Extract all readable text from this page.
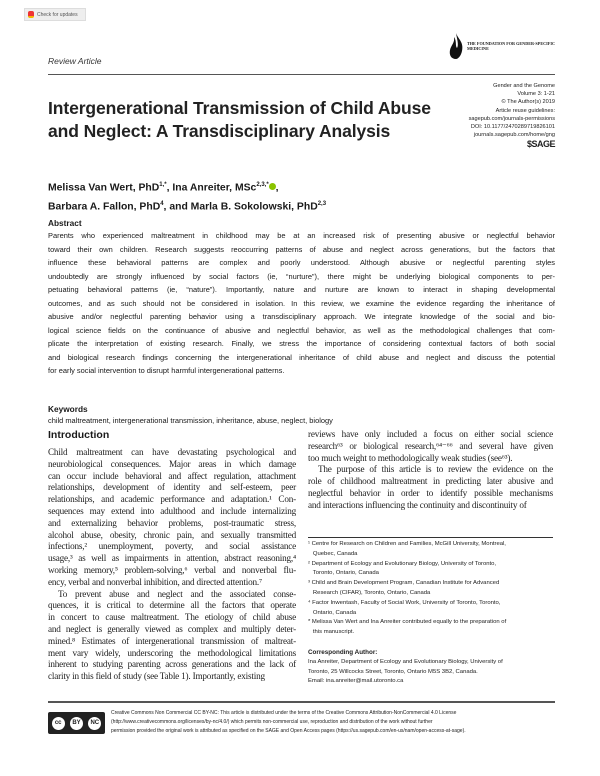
Check for updates
Review Article
THE FOUNDATION FOR GENDER-SPECIFIC MEDICINE
Gender and the Genome
Volume 3: 1-21
© The Author(s) 2019
Article reuse guidelines:
sagepub.com/journals-permissions
DOI: 10.1177/2470289719826101
journals.sagepub.com/home/gng
$SAGE
Intergenerational Transmission of Child Abuse
and Neglect: A Transdisciplinary Analysis
Melissa Van Wert, PhD$^{1,*}$, Ina Anreiter, MSc$^{2,3,*}$ ,
Barbara A. Fallon, PhD$^4$, and Marla B. Sokolowski, PhD$^{2,3}$
Abstract
Parents who experienced maltreatment in childhood may be at an increased risk of presenting abusive or neglectful behavior
toward their own children. Research suggests reoccurring patterns of abuse and neglect across generations, but the factors that
influence these behavioral patterns are complex and poorly understood. Although abusive or neglectful parenting styles
undoubtedly are strongly influenced by social factors (ie, “nurture”), there might be underlying biological components to per-
petuating behavioral patterns (ie, “nature”). Importantly, nature and nurture are known to interact in shaping developmental
outcomes, and as such should not be considered in isolation. In this review, we examine the evidence regarding the inheritance of
abusive and/or neglectful parenting behavior using a transdisciplinary approach. We integrate knowledge of the social and bio-
logical science fields on the continuance of abusive and neglectful behavior, as well as the methodological challenges that com-
plicate the interpretation of existing research. Finally, we stress the importance of considering contextual factors of both social
and biological research findings concerning the intergenerational inheritance of child abuse and neglect and discuss the potential
for early social intervention to disrupt harmful intergenerational patterns.
Keywords
child maltreatment, intergenerational transmission, inheritance, abuse, neglect, biology
Introduction
Child maltreatment can have devastating psychological and
neurobiological consequences. Major areas in which damage
can occur include behavioral and affect regulation, attachment
relationships, development of identity and self-esteem, peer
relationships, and academic performance and adaptation.¹ Con-
sequences may extend into adulthood and include internalizing
and externalizing behavior problems, post-traumatic stress,
alcohol abuse, obesity, chronic pain, and sexually transmitted
infections,² unemployment, poverty, and social assistance
usage,³ as well as impairments in attention, abstract reasoning,⁴
working memory,⁵ problem-solving,⁶ verbal and nonverbal flu-
ency, verbal and nonverbal inhibition, and directed attention.⁷
To prevent abuse and neglect and the associated conse-
quences, it is critical to determine all the factors that operate
in concert to cause maltreatment. The etiology of child abuse
and neglect is generally viewed as complex and multiply deter-
mined.⁸ Estimates of intergenerational transmission of maltreat-
ment vary widely, underscoring the methodological limitations
inherent to studying parenting across generations and the lack of
clarity in this field of study (see Table 1). Importantly, existing
reviews have only included a focus on either social science
research⁶³ or biological research,⁶⁴⁻⁶⁶ and several have given
too much weight to methodologically weak studies (see⁶³).
The purpose of this article is to review the evidence on the
role of childhood maltreatment in predicting later abusive and
neglectful behavior in order to identify possible mechanisms
and interactions influencing the continuity and discontinuity of
¹ Centre for Research on Children and Families, McGill University, Montreal,
Quebec, Canada
² Department of Ecology and Evolutionary Biology, University of Toronto,
Toronto, Ontario, Canada
³ Child and Brain Development Program, Canadian Institute for Advanced
Research (CIFAR), Toronto, Ontario, Canada
⁴ Factor Inwentash, Faculty of Social Work, University of Toronto, Toronto,
Ontario, Canada
* Melissa Van Wert and Ina Anreiter contributed equally to the preparation of
this manuscript.
Corresponding Author:
Ina Anreiter, Department of Ecology and Evolutionary Biology, University of
Toronto, 25 Willcocks Street, Toronto, Ontario M5S 3B2, Canada.
Email: ina.anreiter@mail.utoronto.ca
cc	BY	NC
Creative Commons Non Commercial CC BY-NC: This article is distributed under the terms of the Creative Commons Attribution-NonCommercial 4.0 License
(http://www.creativecommons.org/licenses/by-nc/4.0/) which permits non-commercial use, reproduction and distribution of the work without further
permission provided the original work is attributed as specified on the SAGE and Open Access pages (https://us.sagepub.com/en-us/nam/open-access-at-sage).
